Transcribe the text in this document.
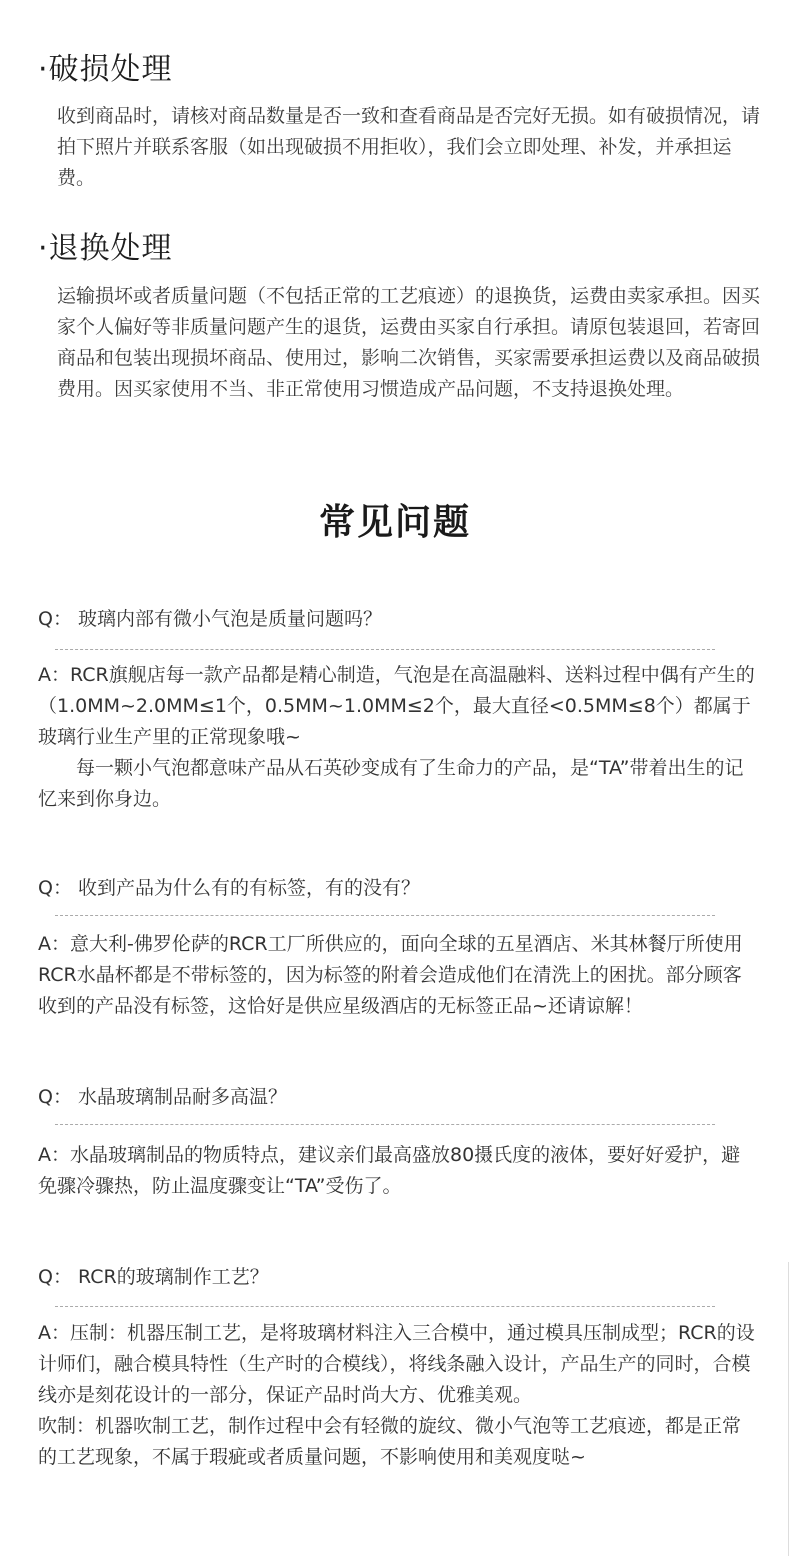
·破损处理

收到商品时，请核对商品数量是否一致和查看商品是否完好无损。如有破损情况，请拍下照片并联系客服（如出现破损不用拒收），我们会立即处理、补发，并承担运费。

·退换处理

运输损坏或者质量问题（不包括正常的工艺痕迹）的退换货，运费由卖家承担。因买家个人偏好等非质量问题产生的退货，运费由买家自行承担。请原包装退回，若寄回商品和包装出现损坏商品、使用过，影响二次销售，买家需要承担运费以及商品破损费用。因买家使用不当、非正常使用习惯造成产品问题，不支持退换处理。

常见问题

Q： 玻璃内部有微小气泡是质量问题吗？

A：RCR旗舰店每一款产品都是精心制造，气泡是在高温融料、送料过程中偶有产生的（1.0MM~2.0MM≤1个，0.5MM~1.0MM≤2个，最大直径<0.5MM≤8个）都属于玻璃行业生产里的正常现象哦~
每一颗小气泡都意味产品从石英砂变成有了生命力的产品，是“TA”带着出生的记忆来到你身边。

Q： 收到产品为什么有的有标签，有的没有？

A：意大利-佛罗伦萨的RCR工厂所供应的，面向全球的五星酒店、米其林餐厅所使用RCR水晶杯都是不带标签的，因为标签的附着会造成他们在清洗上的困扰。部分顾客收到的产品没有标签，这恰好是供应星级酒店的无标签正品~还请谅解！

Q： 水晶玻璃制品耐多高温？

A：水晶玻璃制品的物质特点，建议亲们最高盛放80摄氏度的液体，要好好爱护，避免骤冷骤热，防止温度骤变让“TA”受伤了。

Q： RCR的玻璃制作工艺？

A：压制：机器压制工艺，是将玻璃材料注入三合模中，通过模具压制成型；RCR的设计师们，融合模具特性（生产时的合模线），将线条融入设计，产品生产的同时，合模线亦是刻花设计的一部分，保证产品时尚大方、优雅美观。
吹制：机器吹制工艺，制作过程中会有轻微的旋纹、微小气泡等工艺痕迹，都是正常的工艺现象，不属于瑕疵或者质量问题，不影响使用和美观度哒~
